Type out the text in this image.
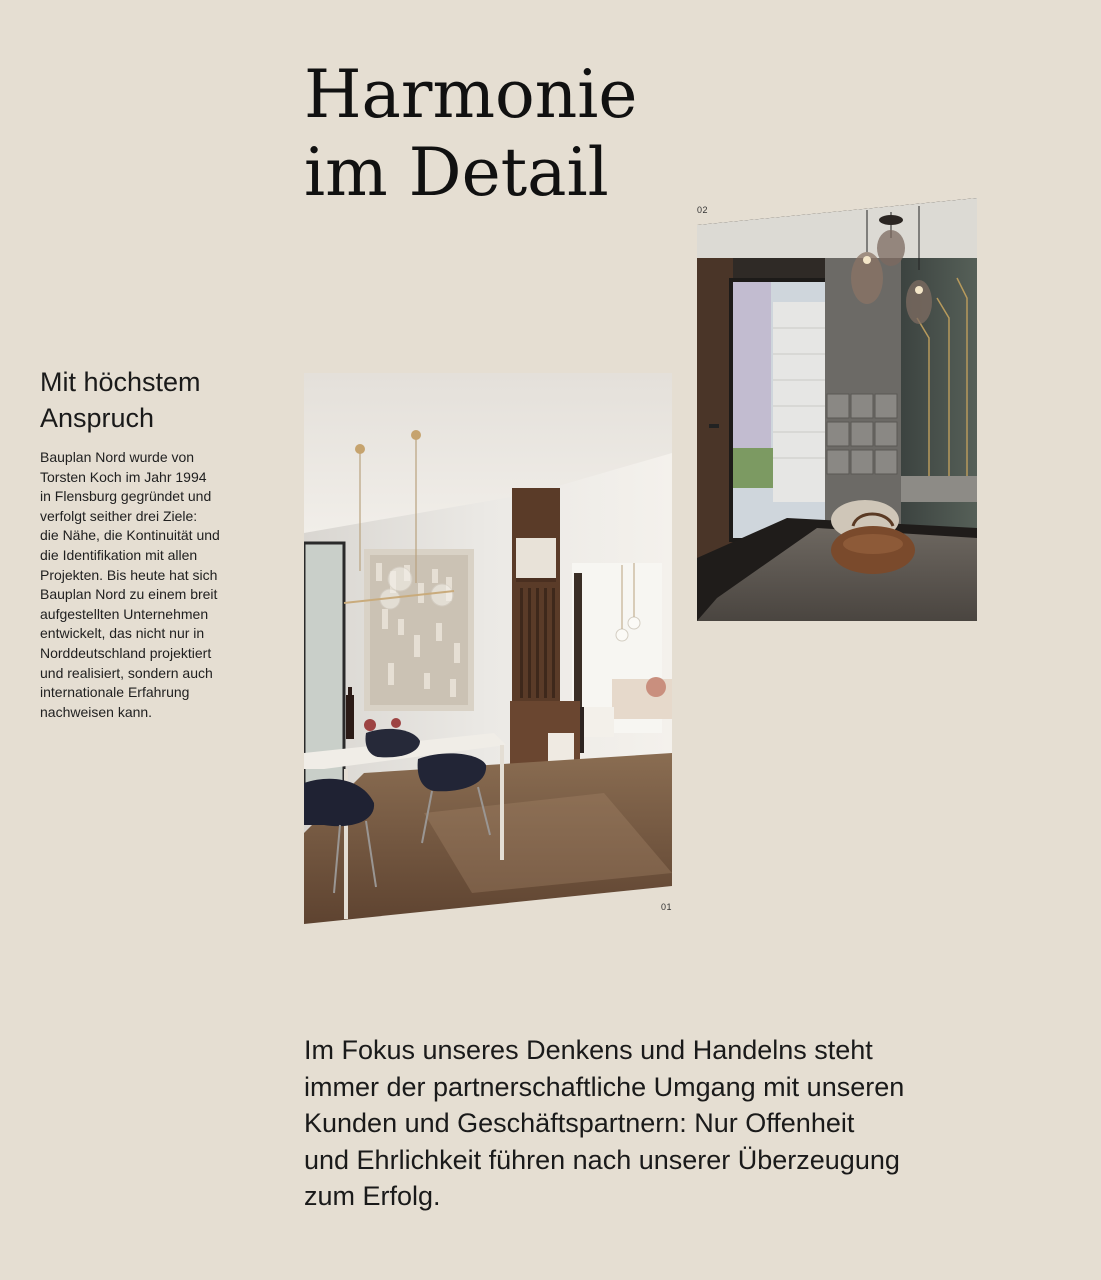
Harmonie
im Detail
Mit höchstem
Anspruch

Bauplan Nord wurde von
Torsten Koch im Jahr 1994
in Flensburg gegründet und
verfolgt seither drei Ziele:
die Nähe, die Kontinuität und
die Identifikation mit allen
Projekten. Bis heute hat sich
Bauplan Nord zu einem breit
aufgestellten Unternehmen
entwickelt, das nicht nur in
Norddeutschland projektiert
und realisiert, sondern auch
internationale Erfahrung
nachweisen kann.

01
02

Im Fokus unseres Denkens und Handelns steht
immer der partnerschaftliche Umgang mit unseren
Kunden und Geschäftspartnern: Nur Offenheit
und Ehrlichkeit führen nach unserer Überzeugung
zum Erfolg.
